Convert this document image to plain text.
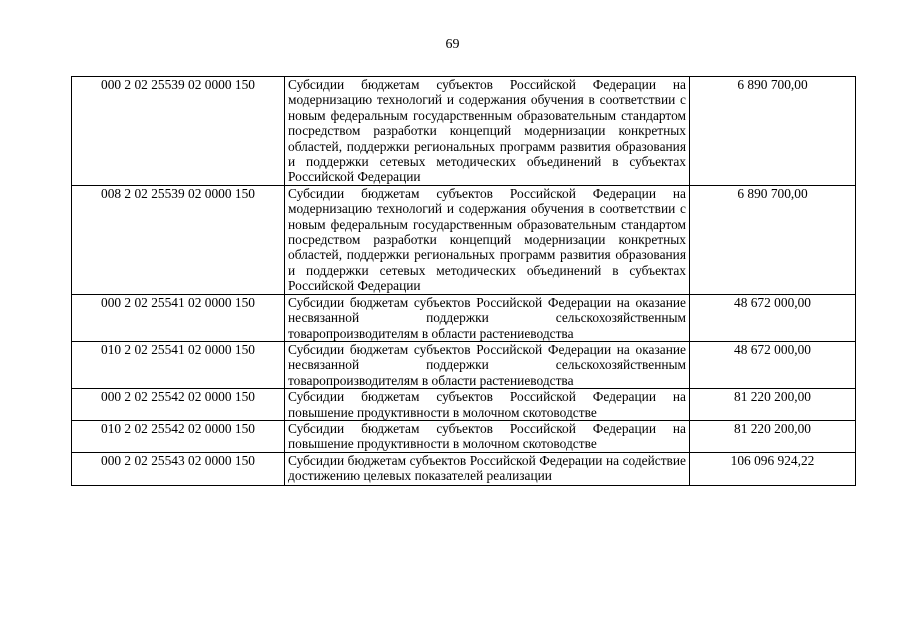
69
000 2 02 25539 02 0000 150	Субсидии бюджетам субъектов Российской Федерации на модернизацию технологий и содержания обучения в соответствии с новым федеральным государственным образовательным стандартом посредством разработки концепций модернизации конкретных областей, поддержки региональных программ развития образования и поддержки сетевых методических объединений в субъектах Российской Федерации	6 890 700,00
008 2 02 25539 02 0000 150	Субсидии бюджетам субъектов Российской Федерации на модернизацию технологий и содержания обучения в соответствии с новым федеральным государственным образовательным стандартом посредством разработки концепций модернизации конкретных областей, поддержки региональных программ развития образования и поддержки сетевых методических объединений в субъектах Российской Федерации	6 890 700,00
000 2 02 25541 02 0000 150	Субсидии бюджетам субъектов Российской Федерации на оказание несвязанной поддержки сельскохозяйственным товаропроизводителям в области растениеводства	48 672 000,00
010 2 02 25541 02 0000 150	Субсидии бюджетам субъектов Российской Федерации на оказание несвязанной поддержки сельскохозяйственным товаропроизводителям в области растениеводства	48 672 000,00
000 2 02 25542 02 0000 150	Субсидии бюджетам субъектов Российской Федерации на повышение продуктивности в молочном скотоводстве	81 220 200,00
010 2 02 25542 02 0000 150	Субсидии бюджетам субъектов Российской Федерации на повышение продуктивности в молочном скотоводстве	81 220 200,00

000 2 02 25543 02 0000 150	Субсидии бюджетам субъектов Российской Федерации на содействие достижению целевых показателей реализации	106 096 924,22
